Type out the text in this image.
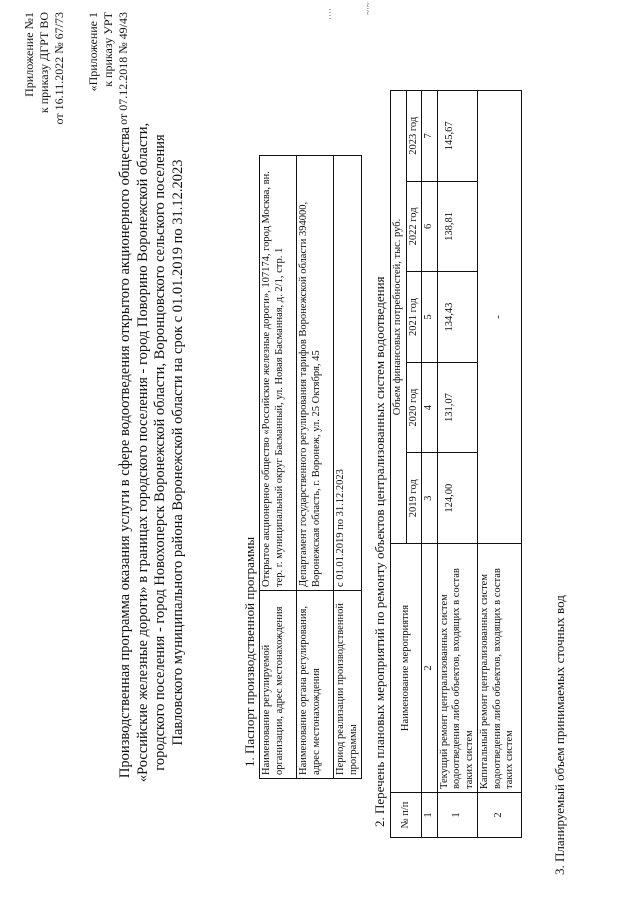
~·~
····
Приложение №1 к приказу ДГРТ ВО от 16.11.2022 № 67/73 «Приложение 1 к приказу УРТ от 07.12.2018 № 49/43
Производственная программа оказания услуги в сфере водоотведения открытого акционерного общества «Российские железные дороги» в границах городского поселения - город Поворино Воронежской области, городского поселения - город Новохоперск Воронежской области, Воронцовского сельского поселения Павловского муниципального района Воронежской области на срок с 01.01.2019 по 31.12.2023	1. Паспорт производственной программы Наименование регулируемой организации, адрес местонахождения	Открытое акционерное общество «Российские железные дороги», 107174, город Москва, вн. тер. г. муниципальный округ Басманный, ул. Новая Басманная, д. 2/1, стр. 1
Наименование органа регулирования, адрес местонахождения	Департамент государственного регулирования тарифов Воронежской области 394000, Воронежская область, г. Воронеж, ул. 25 Октября, 45
Период реализации производственной программы	с 01.01.2019 по 31.12.2023 2. Перечень плановых мероприятий по ремонту объектов централизованных систем водоотведения № п/п	Наименование мероприятия	Объем финансовых потребностей, тыс. руб.				
		2019 год	2020 год	2021 год	2022 год	2023 год
1	2	3	4	5	6	7
1	Текущий ремонт централизованных систем водоотведения либо объектов, входящих в состав таких систем	124,00	131,07	134,43	138,81	145,67
2	Капитальный ремонт централизованных систем водоотведения либо объектов, входящих в состав таких систем	-				
3. Планируемый объем принимаемых сточных вод
